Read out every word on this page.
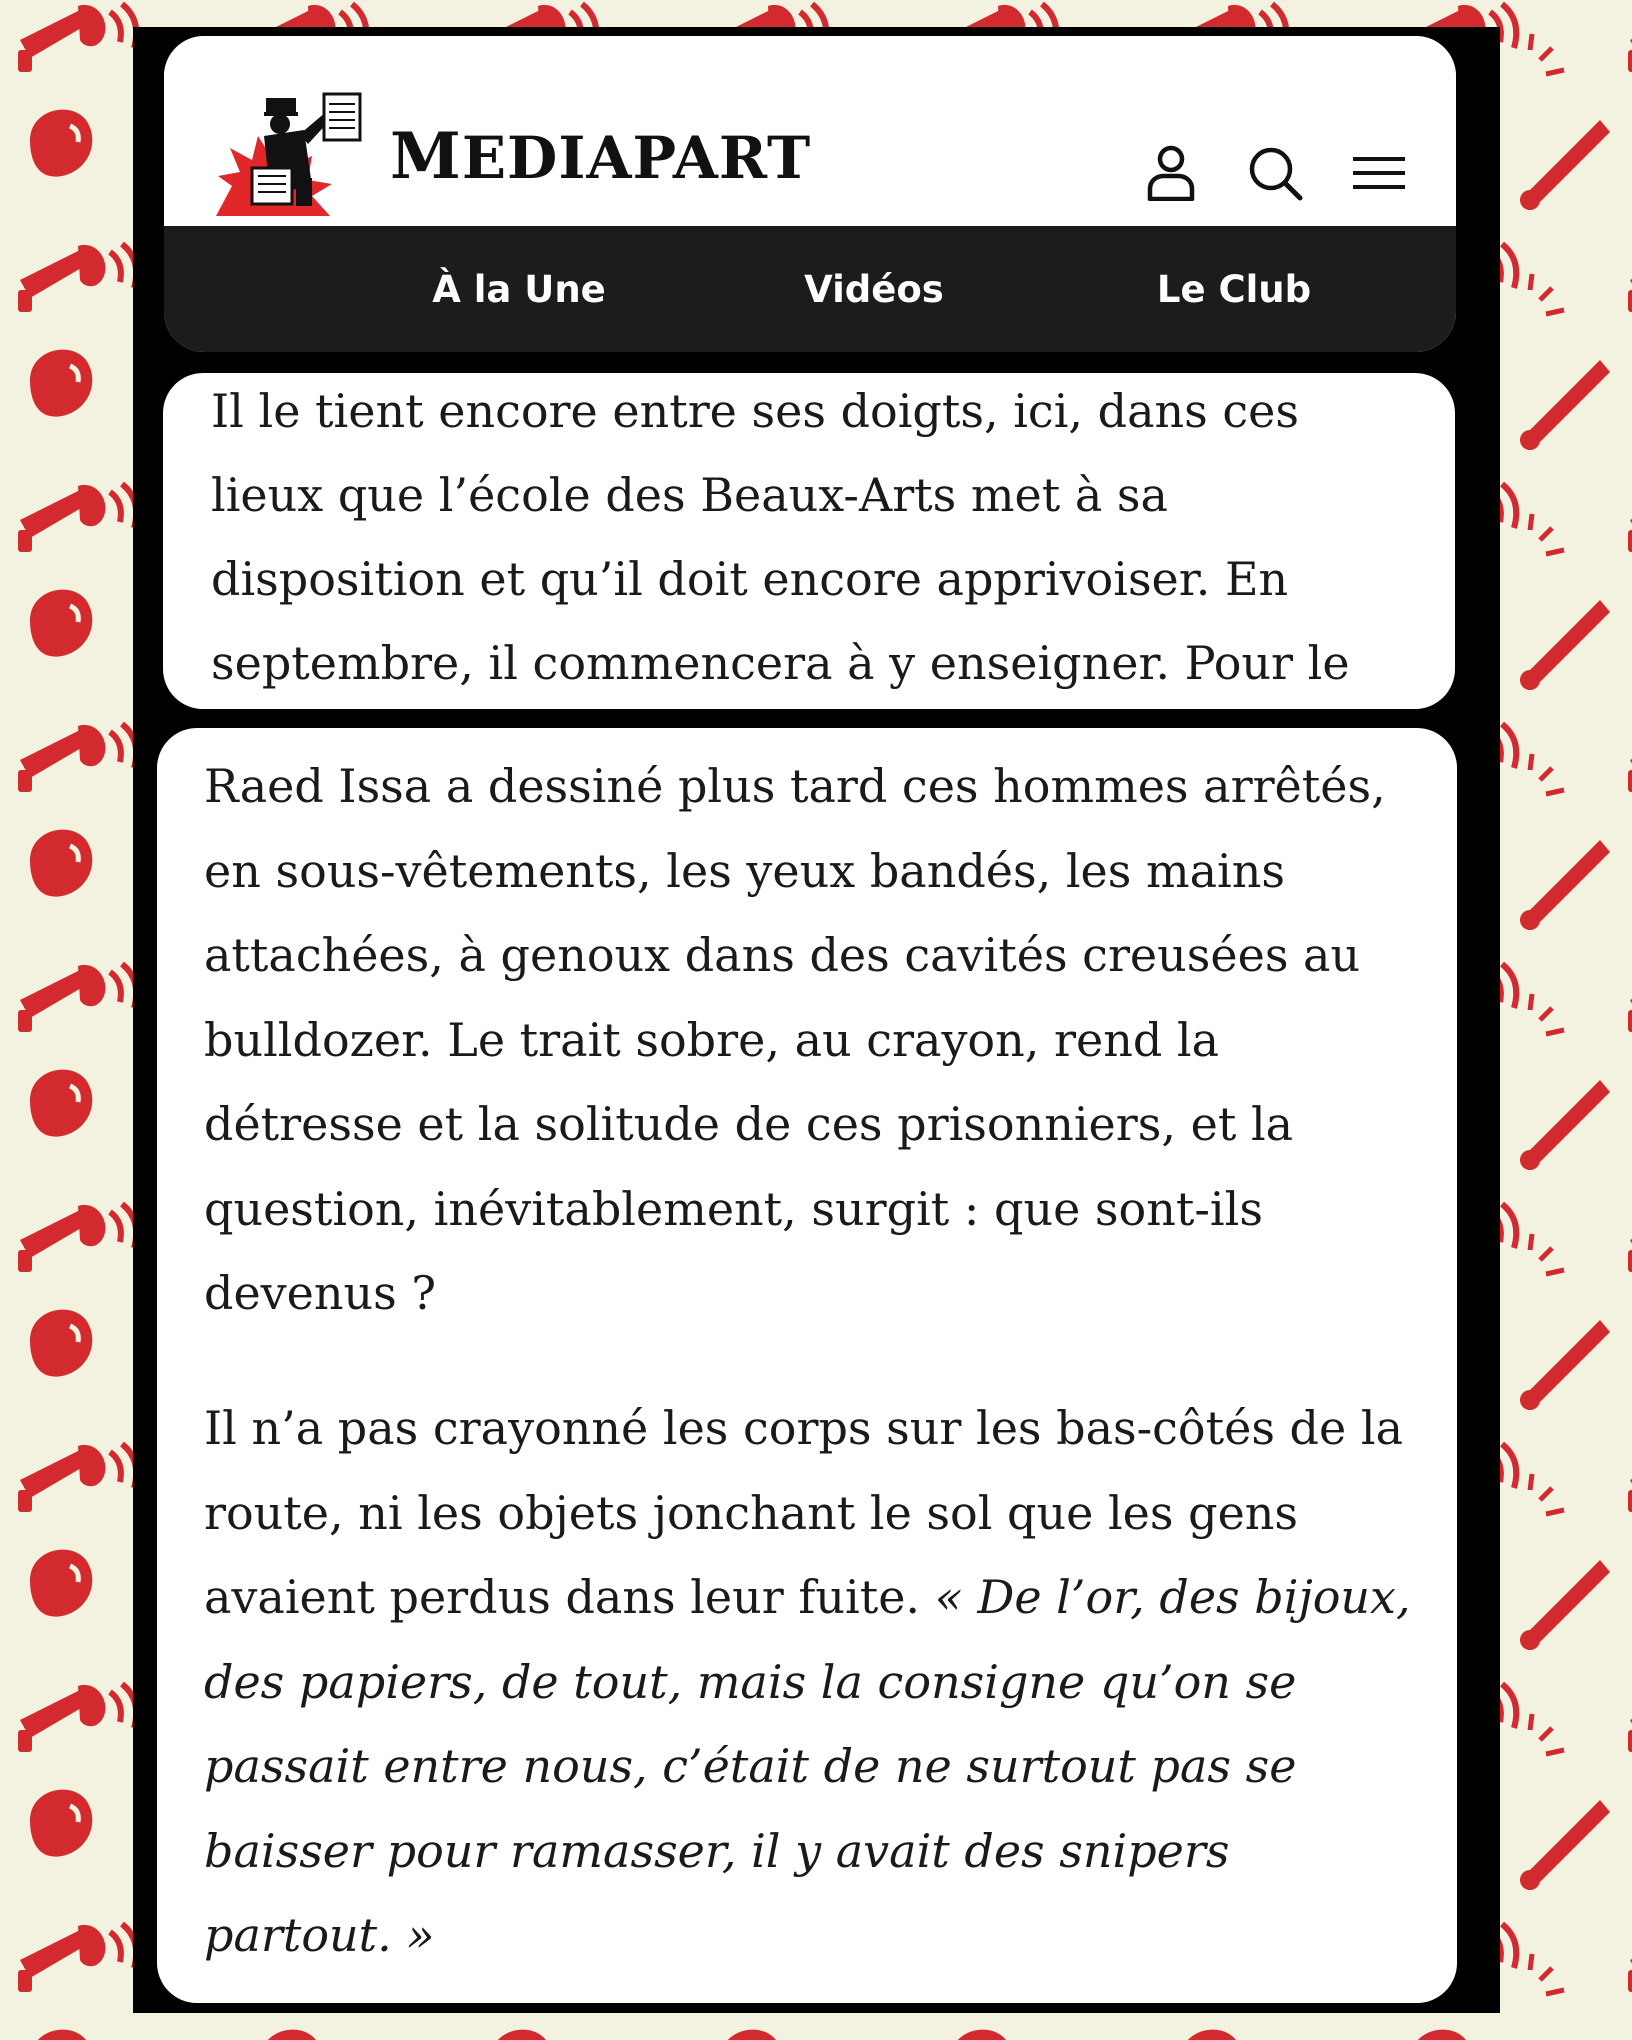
MEDIAPART
À la Une	Vidéos	Le Club

Il le tient encore entre ses doigts, ici, dans ces lieux que l’école des Beaux-Arts met à sa disposition et qu’il doit encore apprivoiser. En septembre, il commencera à y enseigner. Pour le

Raed Issa a dessiné plus tard ces hommes arrêtés, en sous-vêtements, les yeux bandés, les mains attachées, à genoux dans des cavités creusées au bulldozer. Le trait sobre, au crayon, rend la détresse et la solitude de ces prisonniers, et la question, inévitablement, surgit : que sont-ils devenus ?

Il n’a pas crayonné les corps sur les bas-côtés de la route, ni les objets jonchant le sol que les gens avaient perdus dans leur fuite. « De l’or, des bijoux, des papiers, de tout, mais la consigne qu’on se passait entre nous, c’était de ne surtout pas se baisser pour ramasser, il y avait des snipers partout. »
